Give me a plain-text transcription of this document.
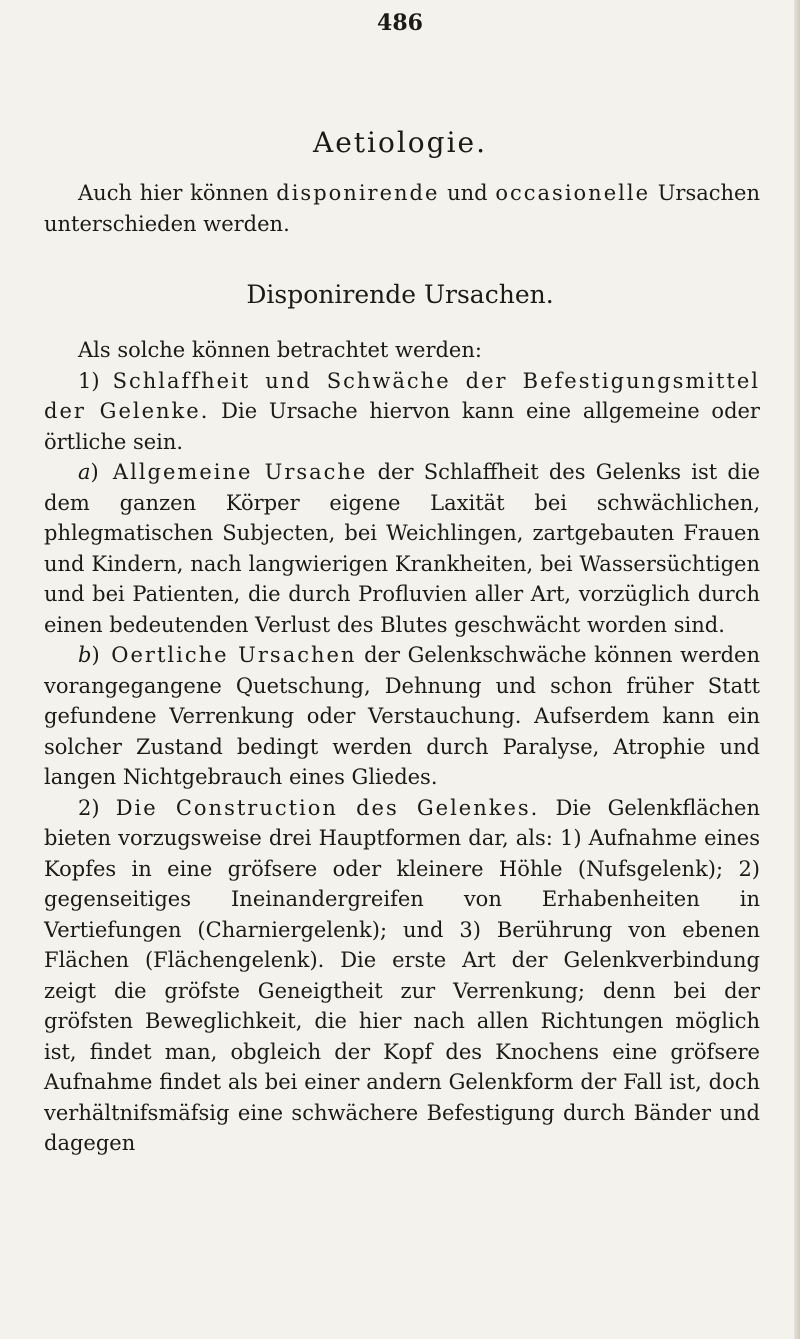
486
Aetiologie.

Auch hier können disponirende und occasionelle Ursachen unterschieden werden.

Disponirende Ursachen.

Als solche können betrachtet werden:

1) Schlaffheit und Schwäche der Befestigungsmittel der Gelenke. Die Ursache hiervon kann eine allgemeine oder örtliche sein.

a) Allgemeine Ursache der Schlaffheit des Gelenks ist die dem ganzen Körper eigene Laxität bei schwächlichen, phlegmatischen Subjecten, bei Weichlingen, zartgebauten Frauen und Kindern, nach langwierigen Krankheiten, bei Wassersüchtigen und bei Patienten, die durch Profluvien aller Art, vorzüglich durch einen bedeutenden Verlust des Blutes geschwächt worden sind.

b) Oertliche Ursachen der Gelenkschwäche können werden vorangegangene Quetschung, Dehnung und schon früher Statt gefundene Verrenkung oder Verstauchung. Aufserdem kann ein solcher Zustand bedingt werden durch Paralyse, Atrophie und langen Nichtgebrauch eines Gliedes.

2) Die Construction des Gelenkes. Die Gelenkflächen bieten vorzugsweise drei Hauptformen dar, als: 1) Aufnahme eines Kopfes in eine gröfsere oder kleinere Höhle (Nufsgelenk); 2) gegenseitiges Ineinandergreifen von Erhabenheiten in Vertiefungen (Charniergelenk); und 3) Berührung von ebenen Flächen (Flächengelenk). Die erste Art der Gelenkverbindung zeigt die gröfste Geneigtheit zur Verrenkung; denn bei der gröfsten Beweglichkeit, die hier nach allen Richtungen möglich ist, findet man, obgleich der Kopf des Knochens eine gröfsere Aufnahme findet als bei einer andern Gelenkform der Fall ist, doch verhältnifsmäfsig eine schwächere Befestigung durch Bänder und dagegen
